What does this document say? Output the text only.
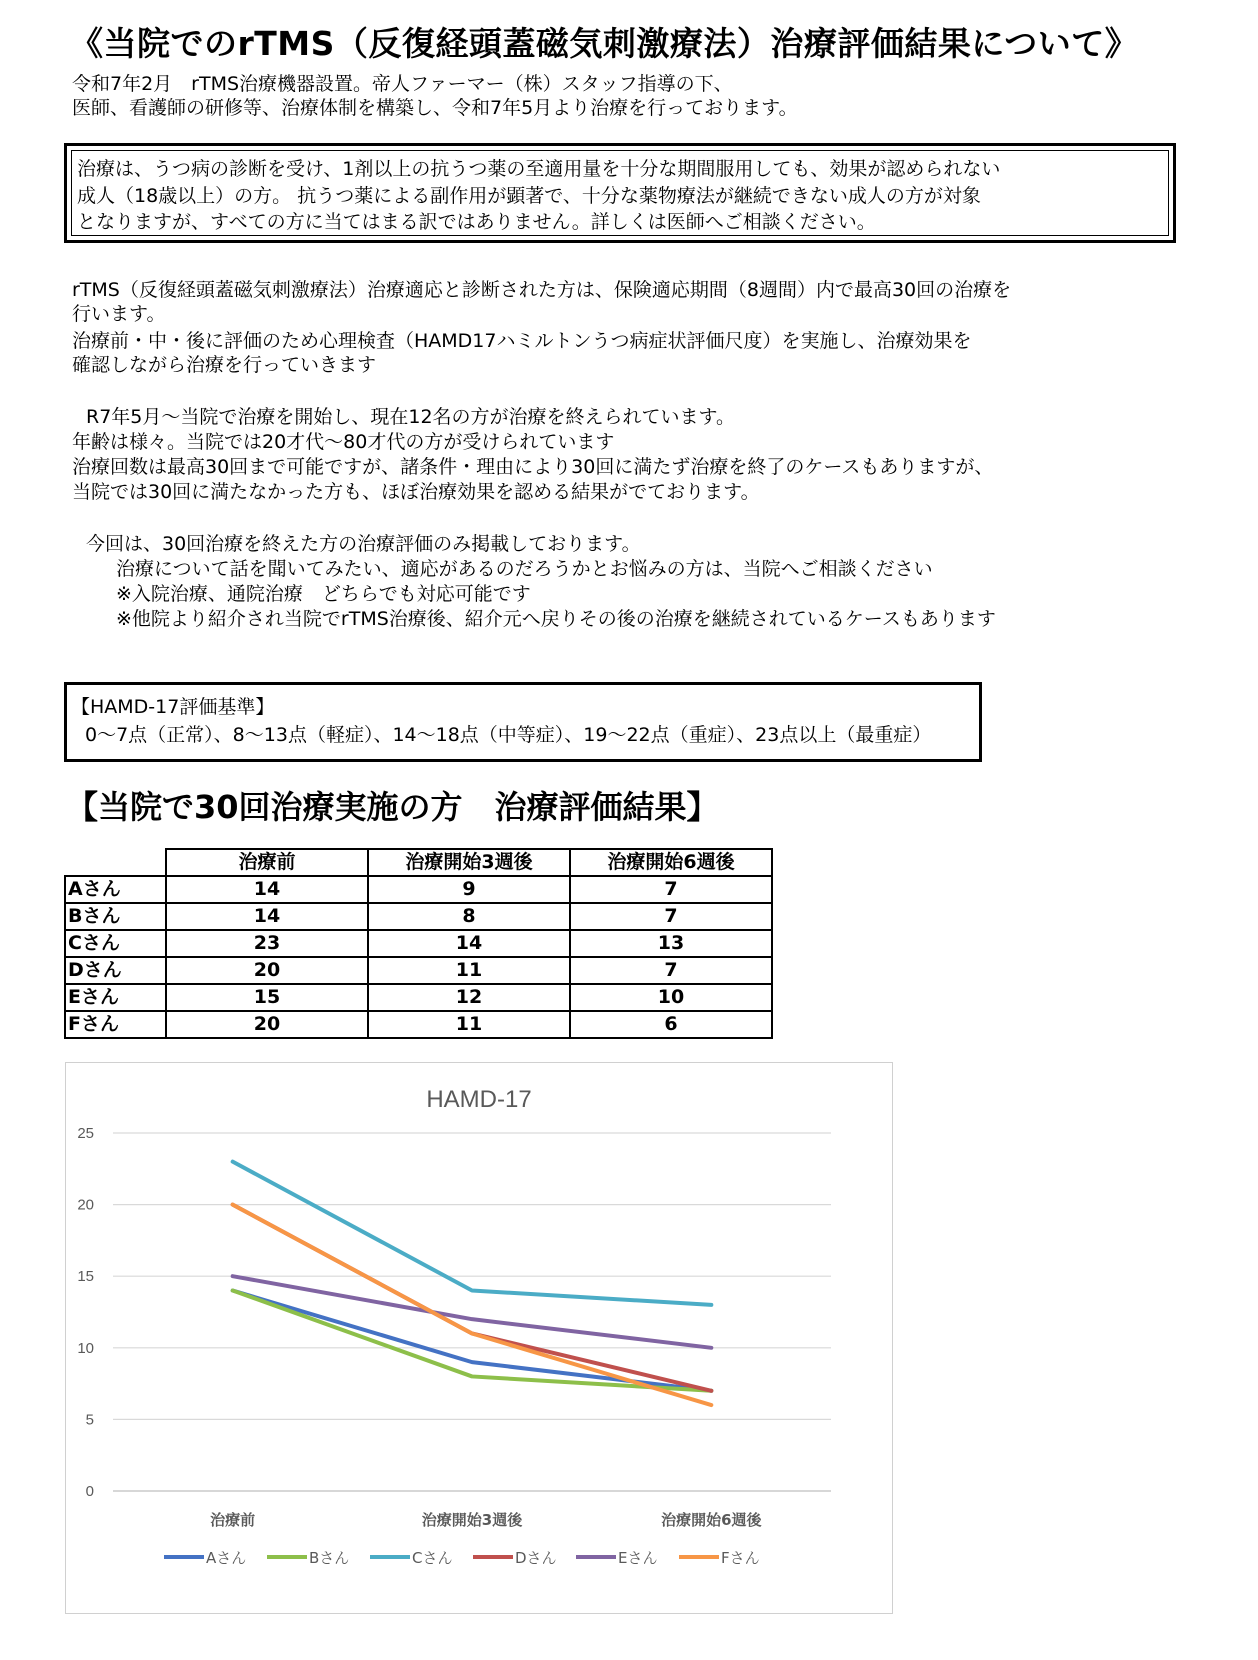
《当院でのrTMS（反復経頭蓋磁気刺激療法）治療評価結果について》
令和7年2月　rTMS治療機器設置。帝人ファーマー（株）スタッフ指導の下、
医師、看護師の研修等、治療体制を構築し、令和7年5月より治療を行っております。
治療は、うつ病の診断を受け、1剤以上の抗うつ薬の至適用量を十分な期間服用しても、効果が認められない
成人（18歳以上）の方。 抗うつ薬による副作用が顕著で、十分な薬物療法が継続できない成人の方が対象
となりますが、すべての方に当てはまる訳ではありません。詳しくは医師へご相談ください。
rTMS（反復経頭蓋磁気刺激療法）治療適応と診断された方は、保険適応期間（8週間）内で最高30回の治療を
行います。
治療前・中・後に評価のため心理検査（HAMD17ハミルトンうつ病症状評価尺度）を実施し、治療効果を
確認しながら治療を行っていきます
R7年5月～当院で治療を開始し、現在12名の方が治療を終えられています。
年齢は様々。当院では20才代～80才代の方が受けられています
治療回数は最高30回まで可能ですが、諸条件・理由により30回に満たず治療を終了のケースもありますが、
当院では30回に満たなかった方も、ほぼ治療効果を認める結果がでております。
今回は、30回治療を終えた方の治療評価のみ掲載しております。
治療について話を聞いてみたい、適応があるのだろうかとお悩みの方は、当院へご相談ください
※入院治療、通院治療　どちらでも対応可能です
※他院より紹介され当院でrTMS治療後、紹介元へ戻りその後の治療を継続されているケースもあります
【HAMD-17評価基準】
0～7点（正常）、8～13点（軽症）、14～18点（中等症）、19～22点（重症）、23点以上（最重症）
【当院で30回治療実施の方　治療評価結果】
	治療前	治療開始3週後	治療開始6週後
Aさん	14	9	7
Bさん	14	8	7
Cさん	23	14	13
Dさん	20	11	7
Eさん	15	12	10
Fさん	20	11	6
HAMD-17
0
5
10
15
20
25
治療前	治療開始3週後	治療開始6週後
Aさん	Bさん	Cさん	Dさん	Eさん	Fさん
